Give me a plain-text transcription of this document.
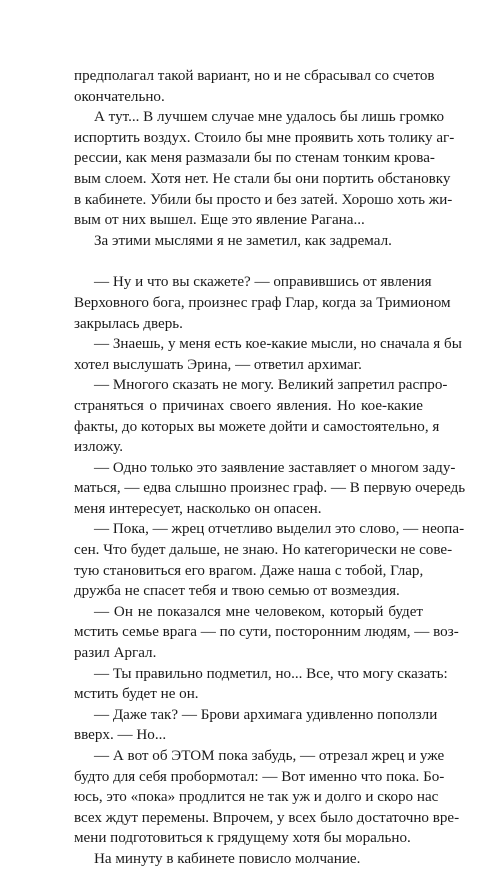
предполагал такой вариант, но и не сбрасывал со счетов
окончательно.
А тут... В лучшем случае мне удалось бы лишь громко
испортить воздух. Стоило бы мне проявить хоть толику аг-
рессии, как меня размазали бы по стенам тонким крова-
вым слоем. Хотя нет. Не стали бы они портить обстановку
в кабинете. Убили бы просто и без затей. Хорошо хоть жи-
вым от них вышел. Еще это явление Рагана...
За этими мыслями я не заметил, как задремал.
— Ну и что вы скажете? — оправившись от явления
Верховного бога, произнес граф Глар, когда за Тримионом
закрылась дверь.
— Знаешь, у меня есть кое-какие мысли, но сначала я бы
хотел выслушать Эрина, — ответил архимаг.
— Многого сказать не могу. Великий запретил распро-
страняться о причинах своего явления. Но кое-какие
факты, до которых вы можете дойти и самостоятельно, я
изложу.
— Одно только это заявление заставляет о многом заду-
маться, — едва слышно произнес граф. — В первую очередь
меня интересует, насколько он опасен.
— Пока, — жрец отчетливо выделил это слово, — неопа-
сен. Что будет дальше, не знаю. Но категорически не сове-
тую становиться его врагом. Даже наша с тобой, Глар,
дружба не спасет тебя и твою семью от возмездия.
— Он не показался мне человеком, который будет
мстить семье врага — по сути, посторонним людям, — воз-
разил Аргал.
— Ты правильно подметил, но... Все, что могу сказать:
мстить будет не он.
— Даже так? — Брови архимага удивленно поползли
вверх. — Но...
— А вот об ЭТОМ пока забудь, — отрезал жрец и уже
будто для себя пробормотал: — Вот именно что пока. Бо-
юсь, это «пока» продлится не так уж и долго и скоро нас
всех ждут перемены. Впрочем, у всех было достаточно вре-
мени подготовиться к грядущему хотя бы морально.
На минуту в кабинете повисло молчание.
